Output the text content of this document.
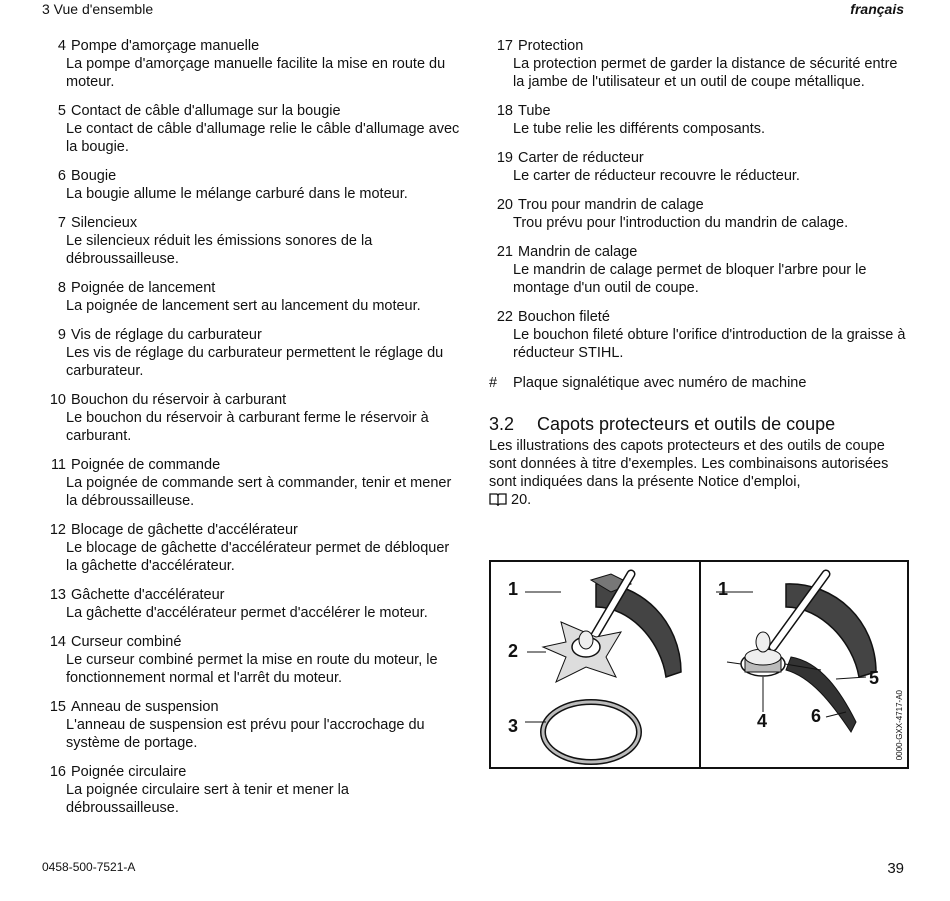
3 Vue d'ensemble	français
4 Pompe d'amorçage manuelle
La pompe d'amorçage manuelle facilite la mise en route du moteur.
5 Contact de câble d'allumage sur la bougie
Le contact de câble d'allumage relie le câble d'allumage avec la bougie.
6 Bougie
La bougie allume le mélange carburé dans le moteur.
7 Silencieux
Le silencieux réduit les émissions sonores de la débroussailleuse.
8 Poignée de lancement
La poignée de lancement sert au lancement du moteur.
9 Vis de réglage du carburateur
Les vis de réglage du carburateur permettent le réglage du carburateur.
10 Bouchon du réservoir à carburant
Le bouchon du réservoir à carburant ferme le réservoir à carburant.
11 Poignée de commande
La poignée de commande sert à commander, tenir et mener la débroussailleuse.
12 Blocage de gâchette d'accélérateur
Le blocage de gâchette d'accélérateur permet de débloquer la gâchette d'accélérateur.
13 Gâchette d'accélérateur
La gâchette d'accélérateur permet d'accélérer le moteur.
14 Curseur combiné
Le curseur combiné permet la mise en route du moteur, le fonctionnement normal et l'arrêt du moteur.
15 Anneau de suspension
L'anneau de suspension est prévu pour l'accrochage du système de portage.
16 Poignée circulaire
La poignée circulaire sert à tenir et mener la débroussailleuse.
17 Protection
La protection permet de garder la distance de sécurité entre la jambe de l'utilisateur et un outil de coupe métallique.
18 Tube
Le tube relie les différents composants.
19 Carter de réducteur
Le carter de réducteur recouvre le réducteur.
20 Trou pour mandrin de calage
Trou prévu pour l'introduction du mandrin de calage.
21 Mandrin de calage
Le mandrin de calage permet de bloquer l'arbre pour le montage d'un outil de coupe.
22 Bouchon fileté
Le bouchon fileté obture l'orifice d'introduction de la graisse à réducteur STIHL.
#	Plaque signalétique avec numéro de machine
3.2	Capots protecteurs et outils de coupe
Les illustrations des capots protecteurs et des outils de coupe sont données à titre d'exemples. Les combinaisons autorisées sont indiquées dans la présente Notice d'emploi,
20.
1
2
3
1
5
4 6	0000-GXX-4717-A0
0458-500-7521-A	39
